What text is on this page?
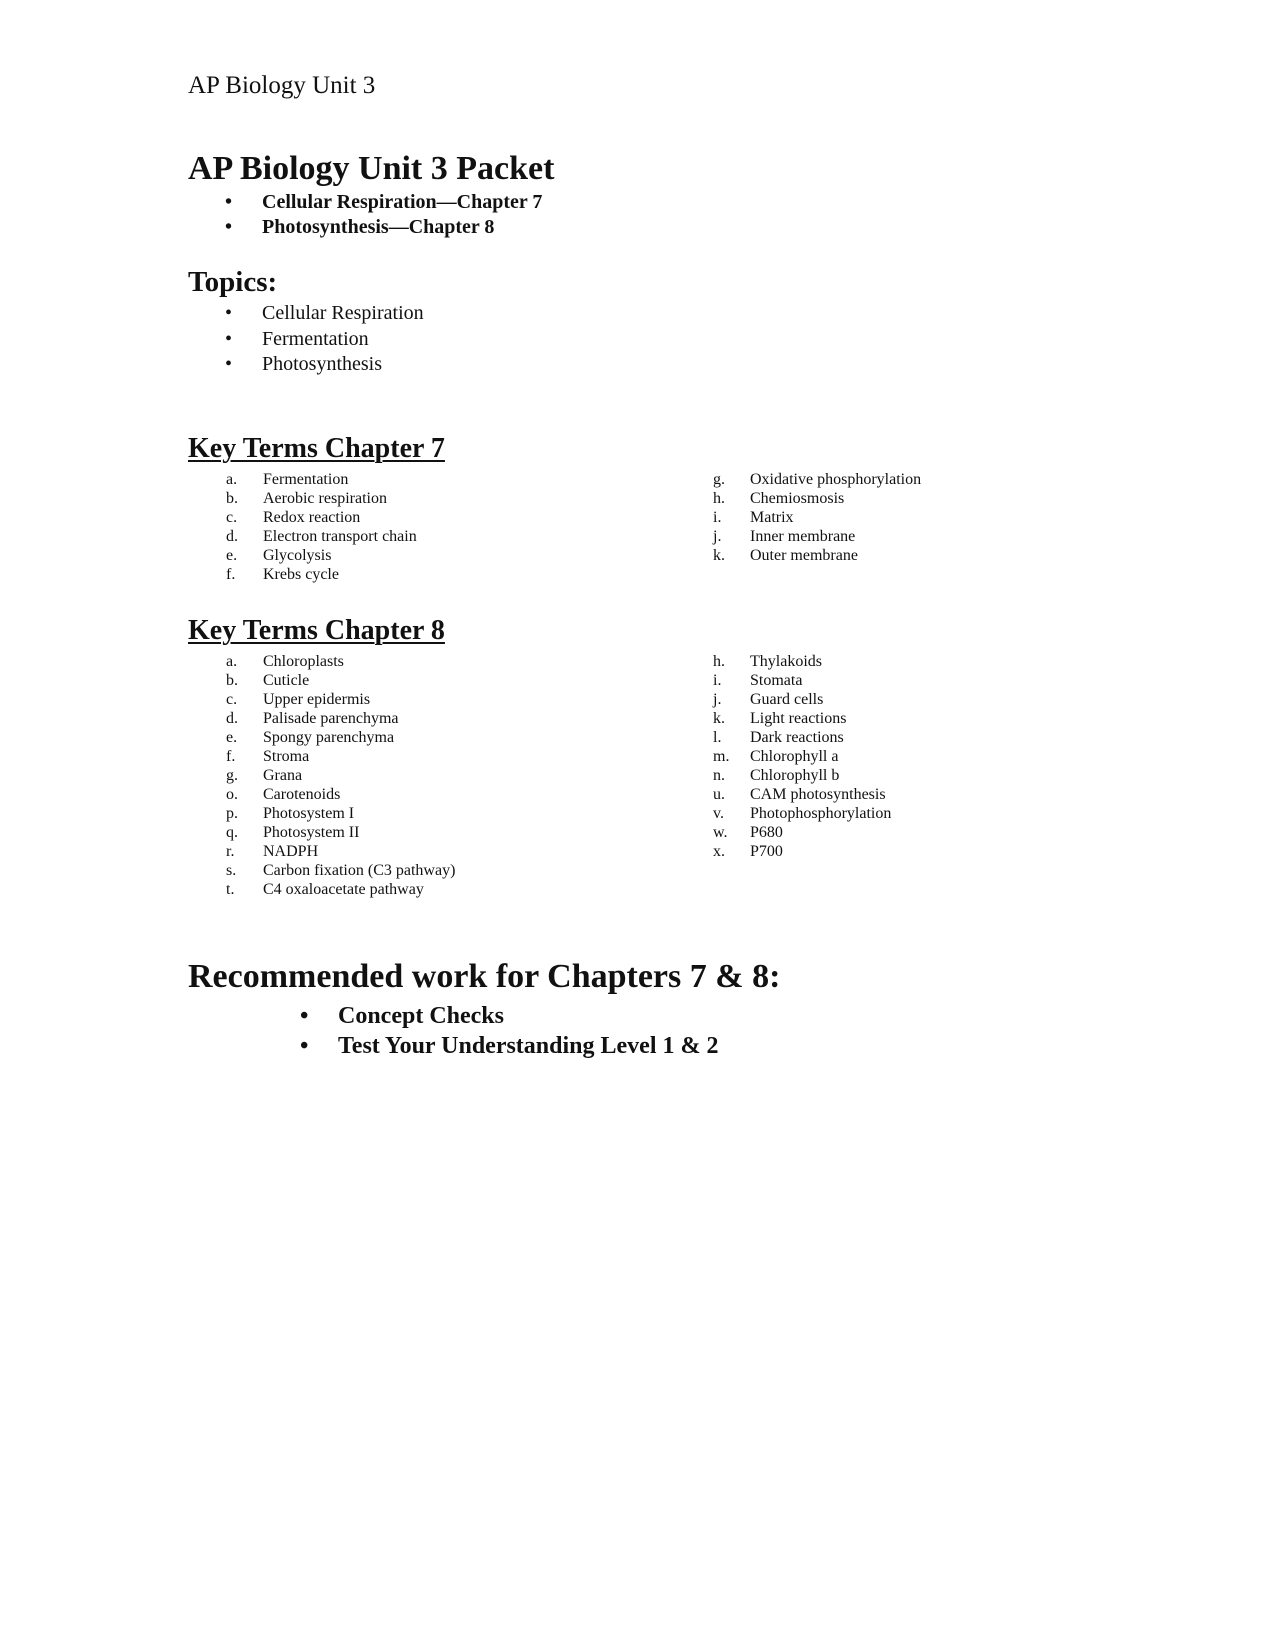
AP Biology Unit 3
AP Biology Unit 3 Packet
• Cellular Respiration—Chapter 7
• Photosynthesis—Chapter 8
Topics:
• Cellular Respiration
• Fermentation
• Photosynthesis
Key Terms Chapter 7
a. Fermentation
b. Aerobic respiration
c. Redox reaction
d. Electron transport chain
e. Glycolysis
f. Krebs cycle
g. Oxidative phosphorylation
h. Chemiosmosis
i. Matrix
j. Inner membrane
k. Outer membrane
Key Terms Chapter 8
a. Chloroplasts
b. Cuticle
c. Upper epidermis
d. Palisade parenchyma
e. Spongy parenchyma
f. Stroma
g. Grana
o. Carotenoids
p. Photosystem I
q. Photosystem II
r. NADPH
s. Carbon fixation (C3 pathway)
t. C4 oxaloacetate pathway
h. Thylakoids
i. Stomata
j. Guard cells
k. Light reactions
l. Dark reactions
m. Chlorophyll a
n. Chlorophyll b
u. CAM photosynthesis
v. Photophosphorylation
w. P680
x. P700
Recommended work for Chapters 7 & 8:
• Concept Checks
• Test Your Understanding Level 1 & 2
